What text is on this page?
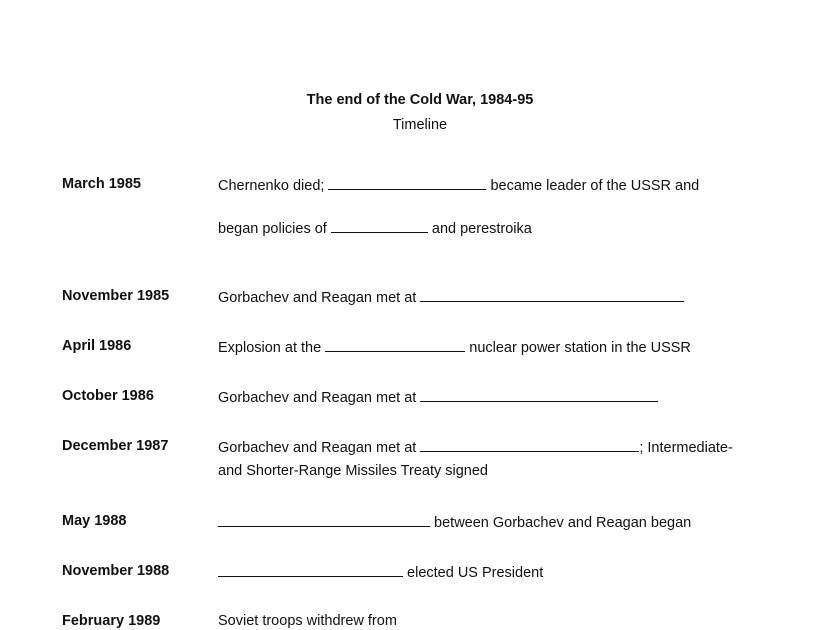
The end of the Cold War, 1984-95
Timeline
March 1985	Chernenko died;	became leader of the USSR and
began policies of	and perestroika
November 1985	Gorbachev and Reagan met at
April 1986	Explosion at the	nuclear power station in the USSR
October 1986	Gorbachev and Reagan met at
December 1987	Gorbachev and Reagan met at	; Intermediate-
and Shorter-Range Missiles Treaty signed
May 1988	between Gorbachev and Reagan began
November 1988	elected US President
February 1989	Soviet troops withdrew from
